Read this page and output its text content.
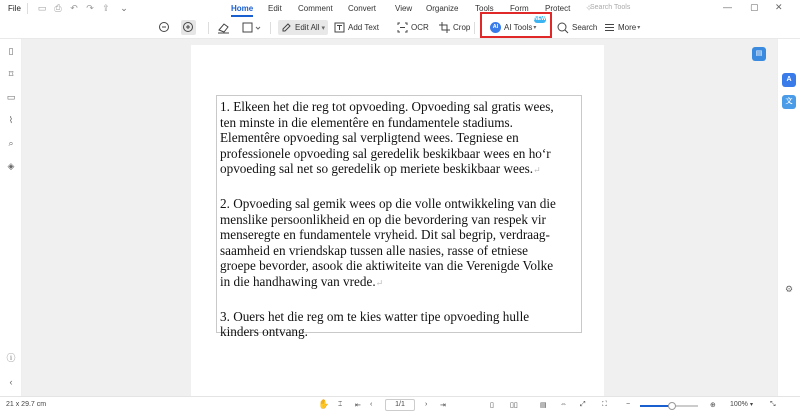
File ▭ ⎙ ↶ ↷ ⇪ ⌄	Home Edit Comment Convert View Organize Tools Form Protect ✧
Search Tools	— ▢ ✕
Edit All ▾	Add Text	OCR	Crop	AI AI Tools ▾	Search	More ▾
NEW

1. Elkeen het die reg tot opvoeding. Opvoeding sal gratis wees,
ten minste in die elementêre en fundamentele stadiums.
Elementêre opvoeding sal verpligtend wees. Tegniese en
professionele opvoeding sal geredelik beskikbaar wees en ho‘r
opvoeding sal net so geredelik op meriete beskikbaar wees.↵

2. Opvoeding sal gemik wees op die volle ontwikkeling van die
menslike persoonlikheid en op die bevordering van respek vir
menseregte en fundamentele vryheid. Dit sal begrip, verdraag-
saamheid en vriendskap tussen alle nasies, rasse of etniese
groepe bevorder, asook die aktiwiteite van die Verenigde Volke
in die handhawing van vrede.↵

3. Ouers het die reg om te kies watter tipe opvoeding hulle
kinders ontvang.

▤
▯
⌑
▭
⌇
⌕
◈
ⓘ
‹
A
文
⚙
21 x 29.7 cm	✋ ⌶ ⇤ ‹	1/1	› ⇥	▯ ▯▯	▤ ⇔ ⤢ ⛶	−	⊕ 100% ▾ ⤡
